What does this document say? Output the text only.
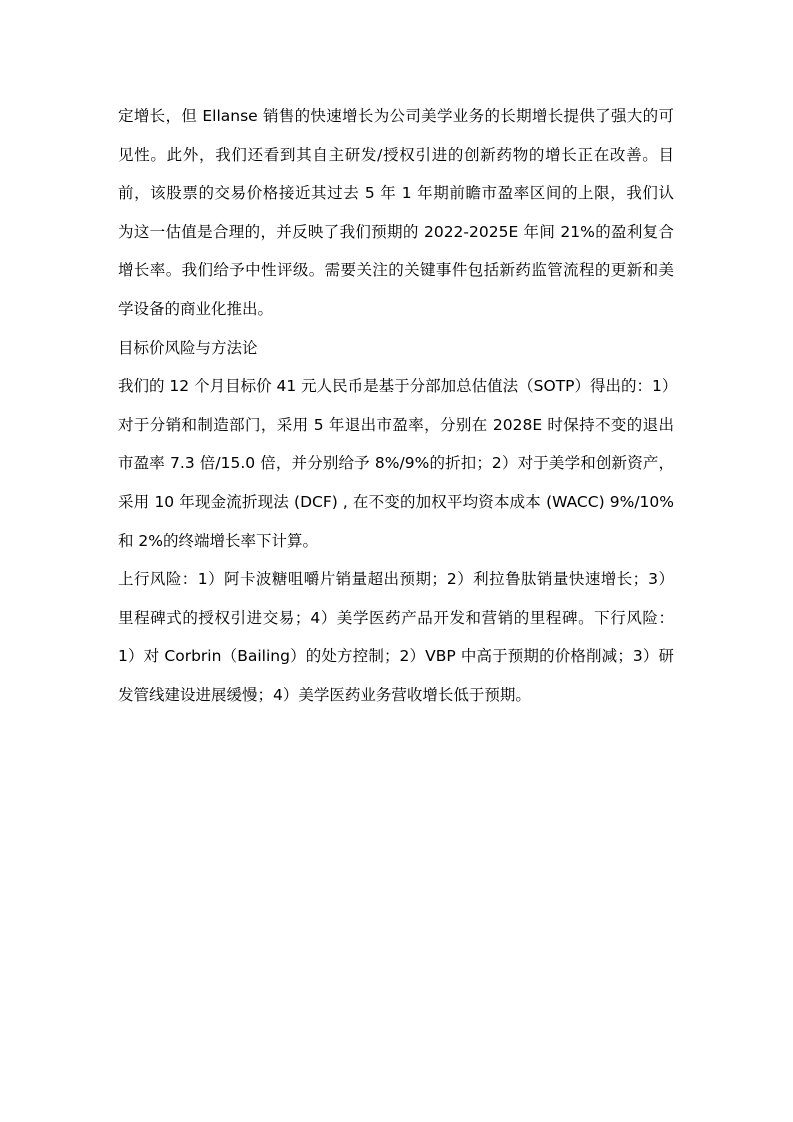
定增长，但 Ellanse 销售的快速增长为公司美学业务的长期增长提供了强大的可
见性。此外，我们还看到其自主研发/授权引进的创新药物的增长正在改善。目
前，该股票的交易价格接近其过去 5 年 1 年期前瞻市盈率区间的上限，我们认
为这一估值是合理的，并反映了我们预期的 2022-2025E 年间 21%的盈利复合
增长率。我们给予中性评级。需要关注的关键事件包括新药监管流程的更新和美
学设备的商业化推出。
目标价风险与方法论
我们的 12 个月目标价 41 元人民币是基于分部加总估值法（SOTP）得出的：1）
对于分销和制造部门，采用 5 年退出市盈率，分别在 2028E 时保持不变的退出
市盈率 7.3 倍/15.0 倍，并分别给予 8%/9%的折扣；2）对于美学和创新资产，
采用 10 年现金流折现法 (DCF) , 在不变的加权平均资本成本 (WACC) 9%/10%
和 2%的终端增长率下计算。
上行风险：1）阿卡波糖咀嚼片销量超出预期；2）利拉鲁肽销量快速增长；3）
里程碑式的授权引进交易；4）美学医药产品开发和营销的里程碑。下行风险：
1）对 Corbrin（Bailing）的处方控制；2）VBP 中高于预期的价格削减；3）研
发管线建设进展缓慢；4）美学医药业务营收增长低于预期。
